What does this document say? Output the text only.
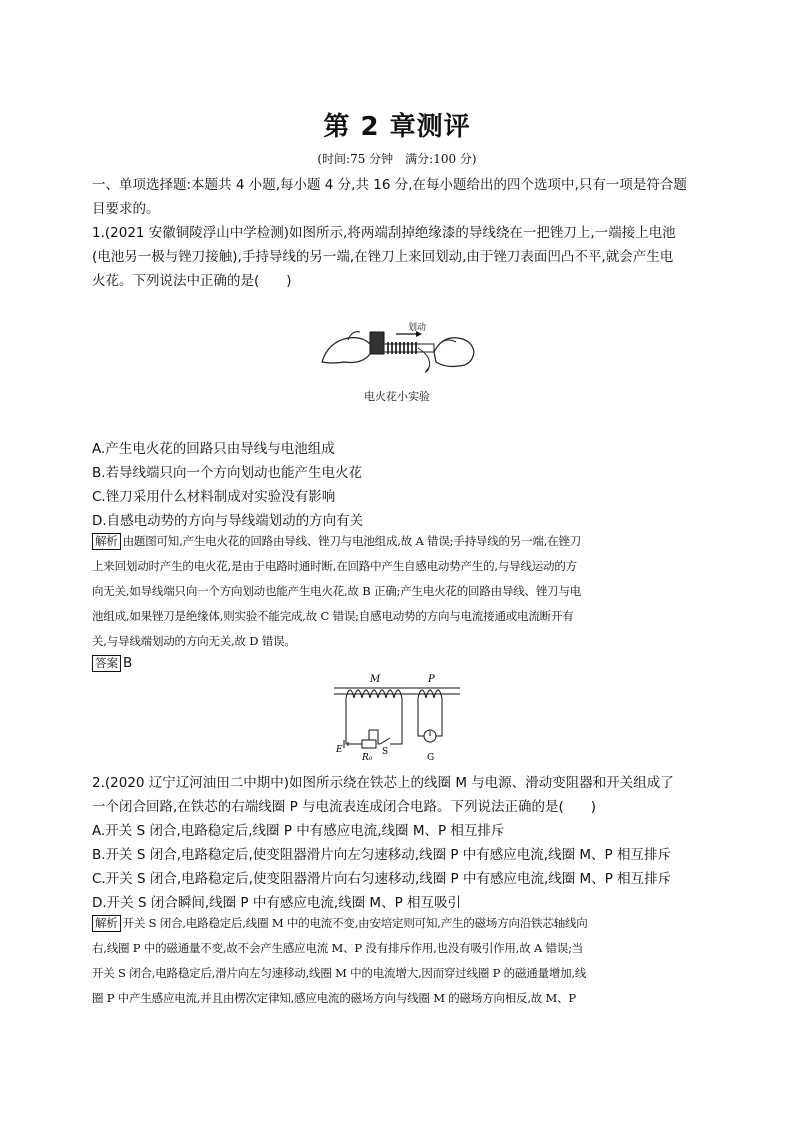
第 2 章测评
(时间:75 分钟　满分:100 分)
一、单项选择题:本题共 4 小题,每小题 4 分,共 16 分,在每小题给出的四个选项中,只有一项是符合题
目要求的。
1.(2021 安徽铜陵浮山中学检测)如图所示,将两端刮掉绝缘漆的导线绕在一把锉刀上,一端接上电池
(电池另一极与锉刀接触),手持导线的另一端,在锉刀上来回划动,由于锉刀表面凹凸不平,就会产生电
火花。下列说法中正确的是(　　)
划动
电火花小实验
A.产生电火花的回路只由导线与电池组成
B.若导线端只向一个方向划动也能产生电火花
C.锉刀采用什么材料制成对实验没有影响
D.自感电动势的方向与导线端划动的方向有关
解析 由题图可知,产生电火花的回路由导线、锉刀与电池组成,故 A 错误;手持导线的另一端,在锉刀
上来回划动时产生的电火花,是由于电路时通时断,在回路中产生自感电动势产生的,与导线运动的方
向无关,如导线端只向一个方向划动也能产生电火花,故 B 正确;产生电火花的回路由导线、锉刀与电
池组成,如果锉刀是绝缘体,则实验不能完成,故 C 错误;自感电动势的方向与电流接通或电流断开有
关,与导线端划动的方向无关,故 D 错误。
答案 B
M	P
E
R₀
S
G
2.(2020 辽宁辽河油田二中期中)如图所示绕在铁芯上的线圈 M 与电源、滑动变阻器和开关组成了
一个闭合回路,在铁芯的右端线圈 P 与电流表连成闭合电路。下列说法正确的是(　　)
A.开关 S 闭合,电路稳定后,线圈 P 中有感应电流,线圈 M、P 相互排斥
B.开关 S 闭合,电路稳定后,使变阻器滑片向左匀速移动,线圈 P 中有感应电流,线圈 M、P 相互排斥
C.开关 S 闭合,电路稳定后,使变阻器滑片向右匀速移动,线圈 P 中有感应电流,线圈 M、P 相互排斥
D.开关 S 闭合瞬间,线圈 P 中有感应电流,线圈 M、P 相互吸引
解析 开关 S 闭合,电路稳定后,线圈 M 中的电流不变,由安培定则可知,产生的磁场方向沿铁芯轴线向
右,线圈 P 中的磁通量不变,故不会产生感应电流 M、P 没有排斥作用,也没有吸引作用,故 A 错误;当
开关 S 闭合,电路稳定后,滑片向左匀速移动,线圈 M 中的电流增大,因而穿过线圈 P 的磁通量增加,线
圈 P 中产生感应电流,并且由楞次定律知,感应电流的磁场方向与线圈 M 的磁场方向相反,故 M、P
